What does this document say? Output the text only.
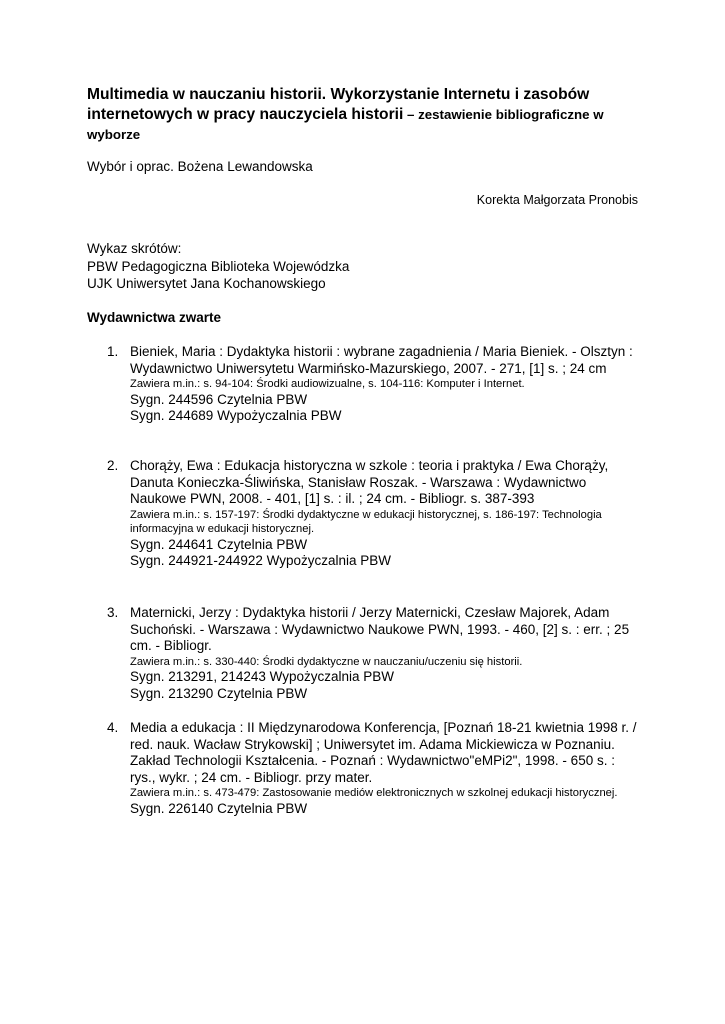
Multimedia w nauczaniu historii. Wykorzystanie Internetu i zasobów internetowych w pracy nauczyciela historii – zestawienie bibliograficzne w wyborze
Wybór i oprac. Bożena Lewandowska
Korekta Małgorzata Pronobis
Wykaz skrótów:
PBW Pedagogiczna Biblioteka Wojewódzka
UJK Uniwersytet Jana Kochanowskiego
Wydawnictwa zwarte
1. Bieniek, Maria : Dydaktyka historii : wybrane zagadnienia / Maria Bieniek. - Olsztyn : Wydawnictwo Uniwersytetu Warmińsko-Mazurskiego, 2007. - 271, [1] s. ; 24 cm
Zawiera m.in.: s. 94-104: Środki audiowizualne, s. 104-116: Komputer i Internet.
Sygn. 244596 Czytelnia PBW
Sygn. 244689 Wypożyczalnia PBW
2. Chorąży, Ewa : Edukacja historyczna w szkole : teoria i praktyka / Ewa Chorąży, Danuta Konieczka-Śliwińska, Stanisław Roszak. - Warszawa : Wydawnictwo Naukowe PWN, 2008. - 401, [1] s. : il. ; 24 cm. - Bibliogr. s. 387-393
Zawiera m.in.: s. 157-197: Środki dydaktyczne w edukacji historycznej, s. 186-197: Technologia informacyjna w edukacji historycznej.
Sygn. 244641 Czytelnia PBW
Sygn. 244921-244922 Wypożyczalnia PBW
3. Maternicki, Jerzy : Dydaktyka historii / Jerzy Maternicki, Czesław Majorek, Adam Suchoński. - Warszawa : Wydawnictwo Naukowe PWN, 1993. - 460, [2] s. : err. ; 25 cm. - Bibliogr.
Zawiera m.in.: s. 330-440: Środki dydaktyczne w nauczaniu/uczeniu się historii.
Sygn. 213291, 214243 Wypożyczalnia PBW
Sygn. 213290 Czytelnia PBW
4. Media a edukacja : II Międzynarodowa Konferencja, [Poznań 18-21 kwietnia 1998 r. / red. nauk. Wacław Strykowski] ; Uniwersytet im. Adama Mickiewicza w Poznaniu. Zakład Technologii Kształcenia. - Poznań : Wydawnictwo"eMPi2", 1998. - 650 s. : rys., wykr. ; 24 cm. - Bibliogr. przy mater.
Zawiera m.in.: s. 473-479: Zastosowanie mediów elektronicznych w szkolnej edukacji historycznej.
Sygn. 226140 Czytelnia PBW
